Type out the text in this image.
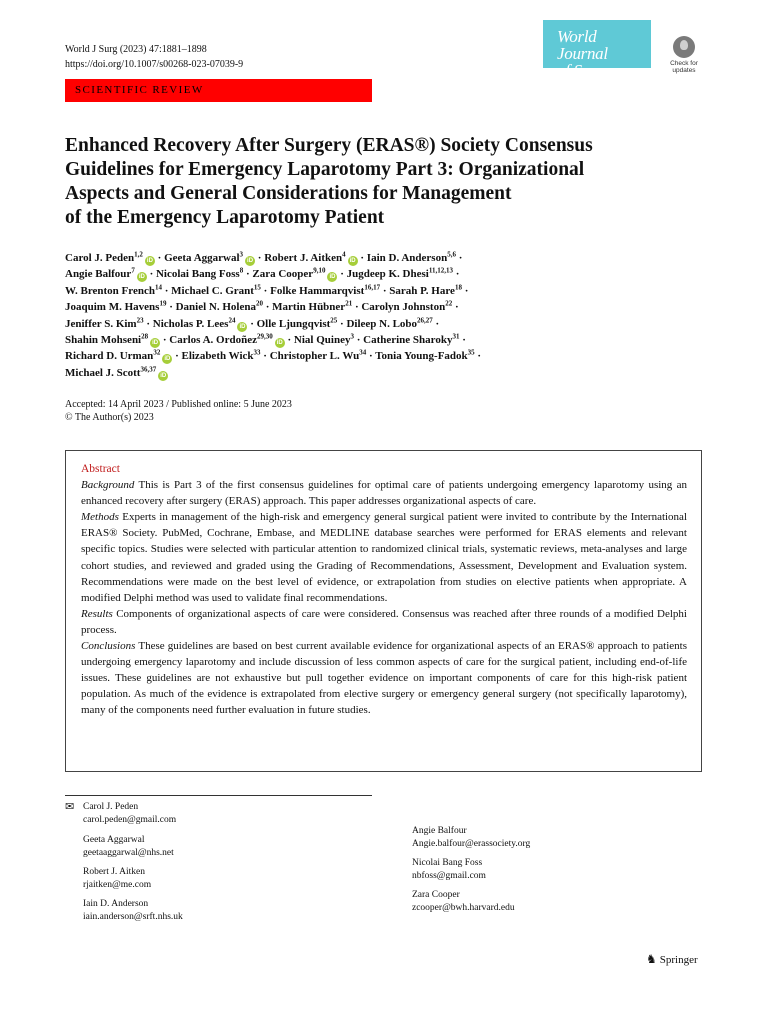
World J Surg (2023) 47:1881–1898
https://doi.org/10.1007/s00268-023-07039-9
World Journal
of Surgery	Check for
updates
SCIENTIFIC REVIEW
Enhanced Recovery After Surgery (ERAS®) Society Consensus
Guidelines for Emergency Laparotomy Part 3: Organizational
Aspects and General Considerations for Management
of the Emergency Laparotomy Patient
Carol J. Peden$^{1,2}$iD · Geeta Aggarwal$^3$iD · Robert J. Aitken$^4$iD · Iain D. Anderson$^{5,6}$ ·
Angie Balfour$^7$iD · Nicolai Bang Foss$^8$ · Zara Cooper$^{9,10}$iD · Jugdeep K. Dhesi$^{11,12,13}$ ·
W. Brenton French$^{14}$ · Michael C. Grant$^{15}$ · Folke Hammarqvist$^{16,17}$ · Sarah P. Hare$^{18}$ ·
Joaquim M. Havens$^{19}$ · Daniel N. Holena$^{20}$ · Martin Hübner$^{21}$ · Carolyn Johnston$^{22}$ ·
Jeniffer S. Kim$^{23}$ · Nicholas P. Lees$^{24}$iD · Olle Ljungqvist$^{25}$ · Dileep N. Lobo$^{26,27}$ ·
Shahin Mohseni$^{28}$iD · Carlos A. Ordoñez$^{29,30}$iD · Nial Quiney$^3$ · Catherine Sharoky$^{31}$ ·
Richard D. Urman$^{32}$iD · Elizabeth Wick$^{33}$ · Christopher L. $Wu^{34}$ · Tonia Young-Fadok$^{35}$ ·
Michael J. Scott$^{36,37}$iD
Accepted: 14 April 2023 / Published online: 5 June 2023
© The Author(s) 2023
Abstract
Background This is Part 3 of the first consensus guidelines for optimal care of patients undergoing emergency laparotomy using an enhanced recovery after surgery (ERAS) approach. This paper addresses organizational aspects of care.
Methods Experts in management of the high-risk and emergency general surgical patient were invited to contribute by the International ERAS® Society. PubMed, Cochrane, Embase, and MEDLINE database searches were performed for ERAS elements and relevant specific topics. Studies were selected with particular attention to randomized clinical trials, systematic reviews, meta-analyses and large cohort studies, and reviewed and graded using the Grading of Recommendations, Assessment, Development and Evaluation system. Recommendations were made on the best level of evidence, or extrapolation from studies on elective patients when appropriate. A modified Delphi method was used to validate final recommendations.
Results Components of organizational aspects of care were considered. Consensus was reached after three rounds of a modified Delphi process.
Conclusions These guidelines are based on best current available evidence for organizational aspects of an ERAS® approach to patients undergoing emergency laparotomy and include discussion of less common aspects of care for the surgical patient, including end-of-life issues. These guidelines are not exhaustive but pull together evidence on important components of care for this high-risk patient population. As much of the evidence is extrapolated from elective surgery or emergency general surgery (not specifically laparotomy), many of the components need further evaluation in future studies.
✉ Carol J. Peden
carol.peden@gmail.com
Geeta Aggarwal
geetaaggarwal@nhs.net
Robert J. Aitken
rjaitken@me.com
Iain D. Anderson
iain.anderson@srft.nhs.uk
Angie Balfour
Angie.balfour@erassociety.org
Nicolai Bang Foss
nbfoss@gmail.com
Zara Cooper
zcooper@bwh.harvard.edu
♞ Springer
